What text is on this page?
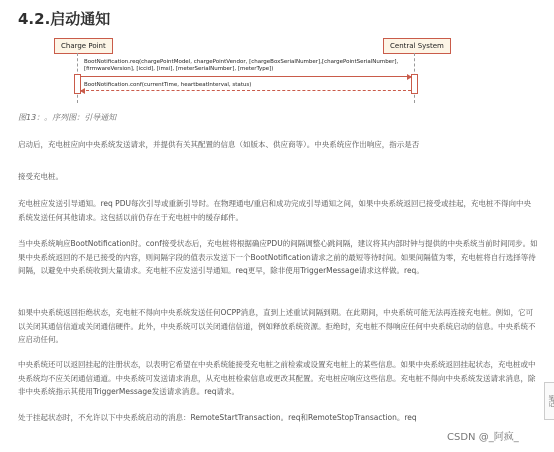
4.2.启动通知
Charge Point	Central System
BootNotification.req(chargePointModel, chargePointVendor, [chargeBoxSerialNumber],[chargePointSerialNumber],
[firmwareVersion], [iccid], [imsi], [meterSerialNumber], [meterType])
BootNotification.conf(currentTime, heartbeatInterval, status)
图13：。序列图：引导通知
启动后，充电桩应向中央系统发送请求，并提供有关其配置的信息（如版本、供应商等）。中央系统应作出响应，指示是否
接受充电桩。
充电桩应发送引导通知。req PDU每次引导或重新引导时。在物理通电/重启和成功完成引导通知之间，如果中央系统返回已接受或挂起，充电桩不得向中央系统发送任何其他请求。这包括以前仍存在于充电桩中的缓存邮件。
当中央系统响应BootNotification时。conf接受状态后，充电桩将根据确应PDU的间隔调整心跳间隔，建议将其内部时钟与提供的中央系统当前时间同步。如果中央系统返回的不是已接受的内容，则间隔字段的值表示发送下一个BootNotification请求之前的最短等待时间。如果间隔值为零，充电桩将自行选择等待间隔，以避免中央系统收到大量请求。充电桩不应发送引导通知。req更早，除非使用TriggerMessage请求这样做。req。
如果中央系统返回拒绝状态，充电桩不得向中央系统发送任何OCPP消息，直到上述重试间隔到期。在此期间，中央系统可能无法再连接充电桩。例如，它可以关闭其通信信道或关闭通信硬件。此外，中央系统可以关闭通信信道，例如释放系统资源。拒绝时，充电桩不得响应任何中央系统启动的信息。中央系统不应启动任何。
中央系统还可以返回挂起的注册状态，以表明它希望在中央系统能接受充电桩之前检索或设置充电桩上的某些信息。如果中央系统返回挂起状态，充电桩或中央系统均不应关闭通信通道。中央系统可发送请求消息，从充电桩检索信息或更改其配置。充电桩应响应这些信息。充电桩不得向中央系统发送请求消息，除非中央系统指示其使用TriggerMessage发送请求消息。req请求。
处于挂起状态时，不允许以下中央系统启动的消息：RemoteStartTransaction。req和RemoteStopTransaction。req
笔记
CSDN @_阿疯_
